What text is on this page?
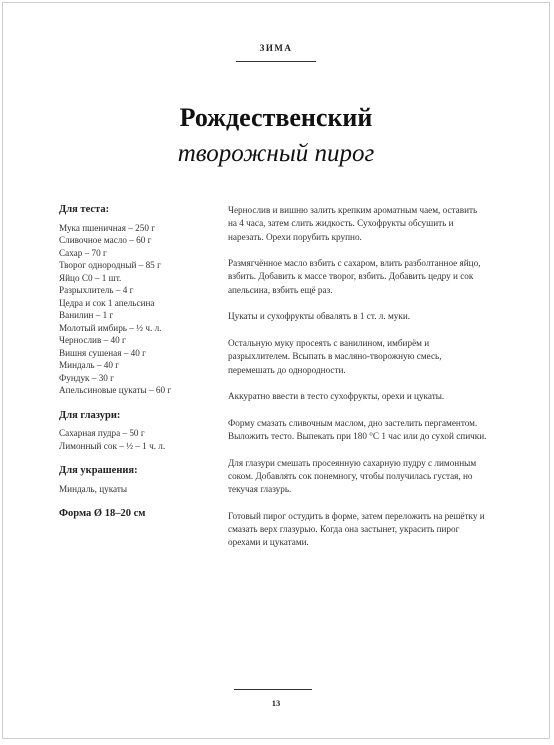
ЗИМА
Рождественский
творожный пирог
Для теста:
Мука пшеничная – 250 г
Сливочное масло – 60 г
Сахар – 70 г
Творог однородный – 85 г
Яйцо С0 – 1 шт.
Разрыхлитель – 4 г
Цедра и сок 1 апельсина
Ванилин – 1 г
Молотый имбирь – ½ ч. л.
Чернослив – 40 г
Вишня сушеная – 40 г
Миндаль – 40 г
Фундук – 30 г
Апельсиновые цукаты – 60 г
Для глазури:
Сахарная пудра – 50 г
Лимонный сок – ½ – 1 ч. л.
Для украшения:
Миндаль, цукаты
Форма Ø 18–20 см

Чернослив и вишню залить крепким ароматным чаем, оставить на 4 часа, затем слить жидкость. Сухофрукты обсушить и нарезать. Орехи порубить крупно.

Размягчённое масло взбить с сахаром, влить разболтанное яйцо, взбить. Добавить к массе творог, взбить. Добавить цедру и сок апельсина, взбить ещё раз.

Цукаты и сухофрукты обвалять в 1 ст. л. муки.

Остальную муку просеять с ванилином, имбирём и разрыхлителем. Всыпать в масляно-творожную смесь, перемешать до однородности.

Аккуратно ввести в тесто сухофрукты, орехи и цукаты.

Форму смазать сливочным маслом, дно застелить пергаментом. Выложить тесто. Выпекать при 180 °С 1 час или до сухой спички.

Для глазури смешать просеянную сахарную пудру с лимонным соком. Добавлять сок понемногу, чтобы получилась густая, но текучая глазурь.

Готовый пирог остудить в форме, затем переложить на решётку и смазать верх глазурью. Когда она застынет, украсить пирог орехами и цукатами.

13
